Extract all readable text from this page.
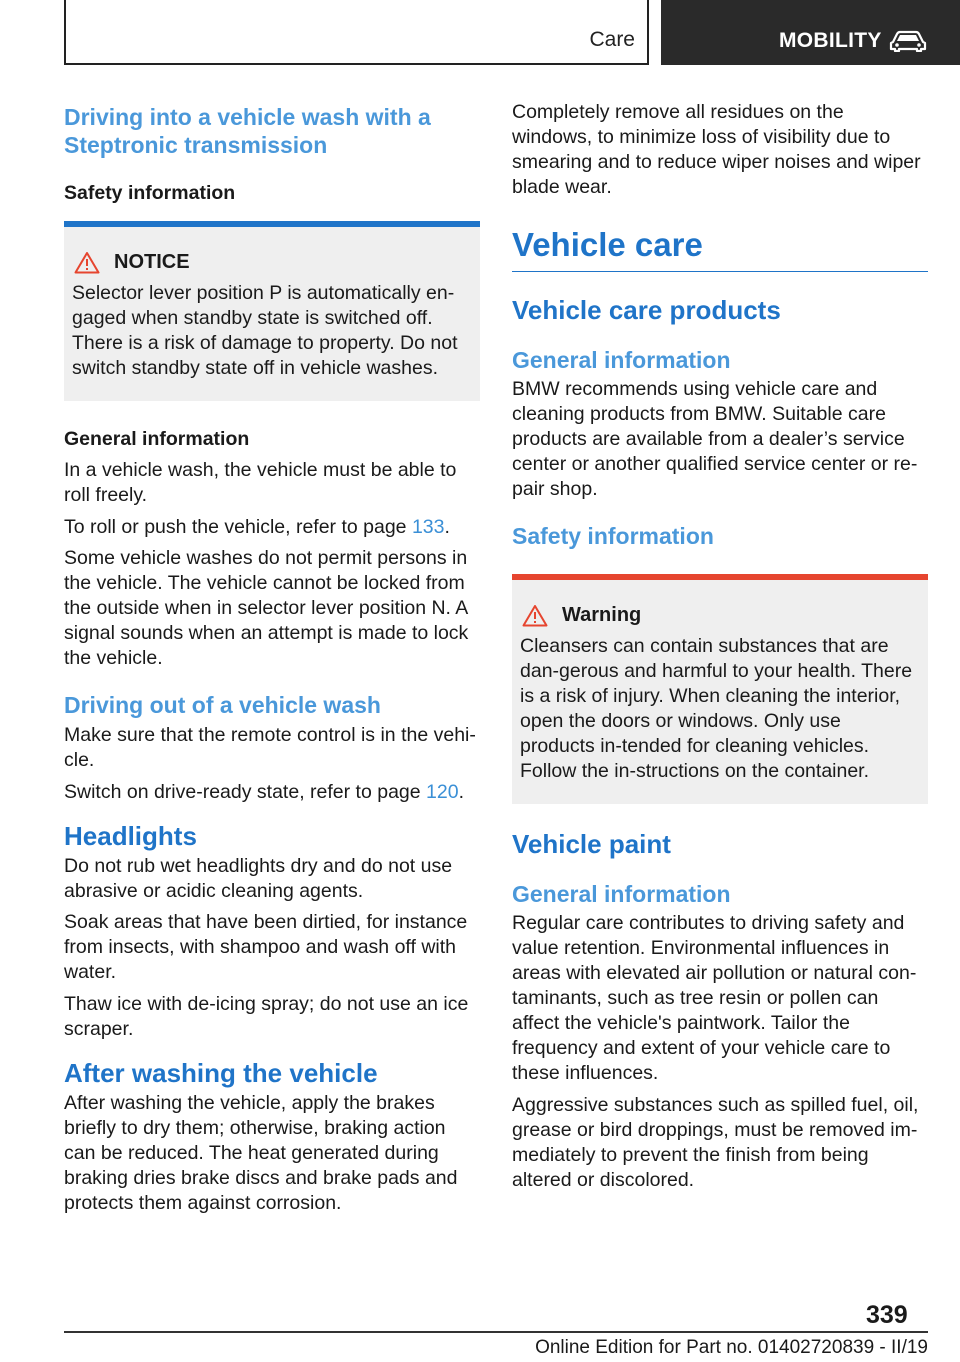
Care	MOBILITY
Driving into a vehicle wash with a Steptronic transmission
Safety information
NOTICE

Selector lever position P is automatically en‐gaged when standby state is switched off. There is a risk of damage to property. Do not switch standby state off in vehicle washes.

General information

In a vehicle wash, the vehicle must be able to roll freely.

To roll or push the vehicle, refer to page 133.

Some vehicle washes do not permit persons in the vehicle. The vehicle cannot be locked from the outside when in selector lever position N. A signal sounds when an attempt is made to lock the vehicle.

Driving out of a vehicle wash

Make sure that the remote control is in the vehi‐cle.

Switch on drive-ready state, refer to page 120.

Headlights

Do not rub wet headlights dry and do not use abrasive or acidic cleaning agents.

Soak areas that have been dirtied, for instance from insects, with shampoo and wash off with water.

Thaw ice with de-icing spray; do not use an ice scraper.

After washing the vehicle

After washing the vehicle, apply the brakes briefly to dry them; otherwise, braking action can be reduced. The heat generated during braking dries brake discs and brake pads and protects them against corrosion.

Completely remove all residues on the windows, to minimize loss of visibility due to smearing and to reduce wiper noises and wiper blade wear.

Vehicle care
Vehicle care products
General information

BMW recommends using vehicle care and cleaning products from BMW. Suitable care products are available from a dealer’s service center or another qualified service center or re‐pair shop.

Safety information
Warning

Cleansers can contain substances that are dan‐gerous and harmful to your health. There is a risk of injury. When cleaning the interior, open the doors or windows. Only use products in‐tended for cleaning vehicles. Follow the in‐structions on the container.

Vehicle paint
General information

Regular care contributes to driving safety and value retention. Environmental influences in areas with elevated air pollution or natural con‐taminants, such as tree resin or pollen can affect the vehicle's paintwork. Tailor the frequency and extent of your vehicle care to these influences.

Aggressive substances such as spilled fuel, oil, grease or bird droppings, must be removed im‐mediately to prevent the finish from being altered or discolored.

339
Online Edition for Part no. 01402720839 - II/19
